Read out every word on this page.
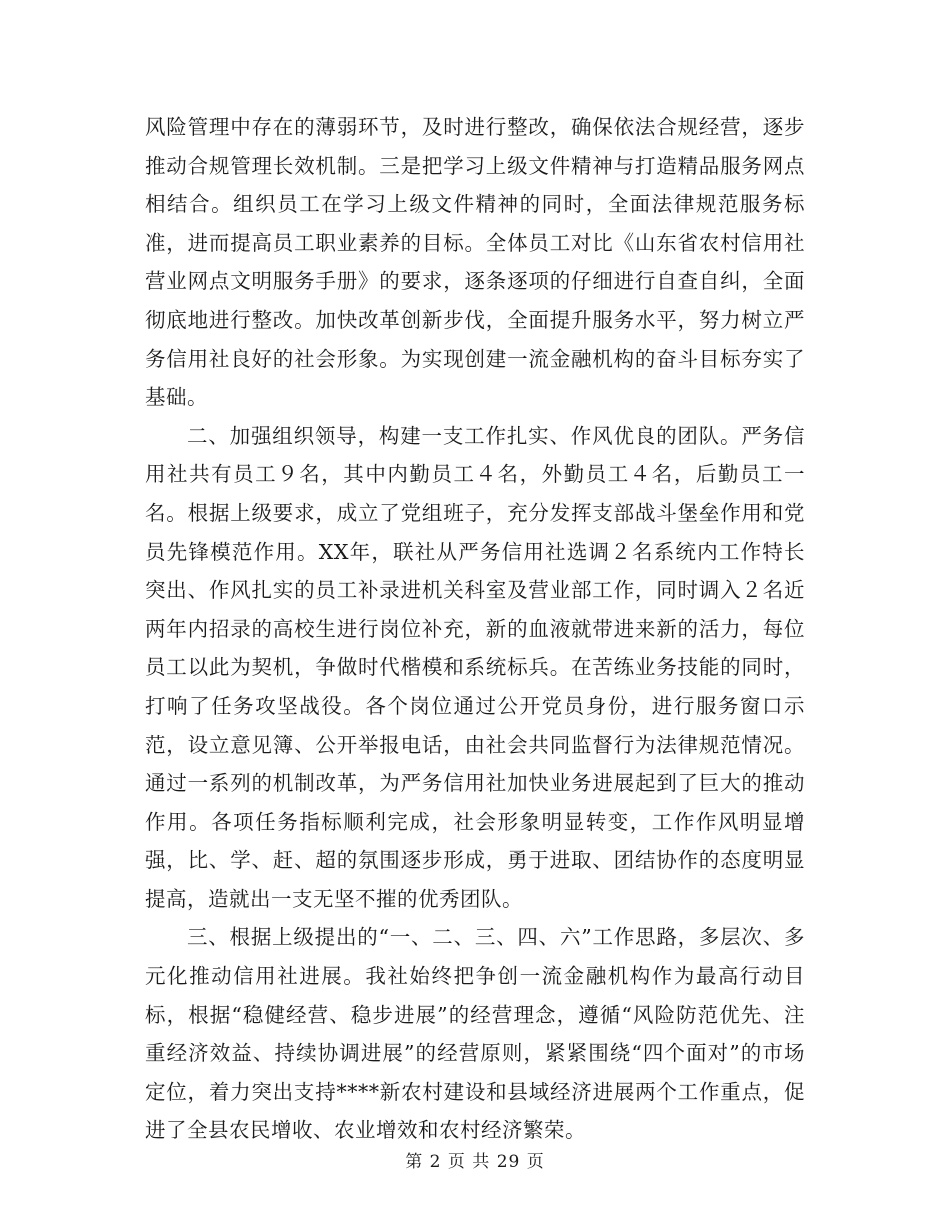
风险管理中存在的薄弱环节，及时进行整改，确保依法合规经营，逐步推动合规管理长效机制。三是把学习上级文件精神与打造精品服务网点相结合。组织员工在学习上级文件精神的同时，全面法律规范服务标准，进而提高员工职业素养的目标。全体员工对比《山东省农村信用社营业网点文明服务手册》的要求，逐条逐项的仔细进行自查自纠，全面彻底地进行整改。加快改革创新步伐，全面提升服务水平，努力树立严务信用社良好的社会形象。为实现创建一流金融机构的奋斗目标夯实了基础。

二、加强组织领导，构建一支工作扎实、作风优良的团队。严务信用社共有员工９名，其中内勤员工４名，外勤员工４名，后勤员工一名。根据上级要求，成立了党组班子，充分发挥支部战斗堡垒作用和党员先锋模范作用。XX年，联社从严务信用社选调２名系统内工作特长突出、作风扎实的员工补录进机关科室及营业部工作，同时调入２名近两年内招录的高校生进行岗位补充，新的血液就带进来新的活力，每位员工以此为契机，争做时代楷模和系统标兵。在苦练业务技能的同时，打响了任务攻坚战役。各个岗位通过公开党员身份，进行服务窗口示范，设立意见簿、公开举报电话，由社会共同监督行为法律规范情况。通过一系列的机制改革，为严务信用社加快业务进展起到了巨大的推动作用。各项任务指标顺利完成，社会形象明显转变，工作作风明显增强，比、学、赶、超的氛围逐步形成，勇于进取、团结协作的态度明显提高，造就出一支无坚不摧的优秀团队。

三、根据上级提出的“一、二、三、四、六”工作思路，多层次、多元化推动信用社进展。我社始终把争创一流金融机构作为最高行动目标，根据“稳健经营、稳步进展”的经营理念，遵循“风险防范优先、注重经济效益、持续协调进展”的经营原则，紧紧围绕“四个面对”的市场定位，着力突出支持****新农村建设和县域经济进展两个工作重点，促进了全县农民增收、农业增效和农村经济繁荣。

第 2 页 共 29 页
